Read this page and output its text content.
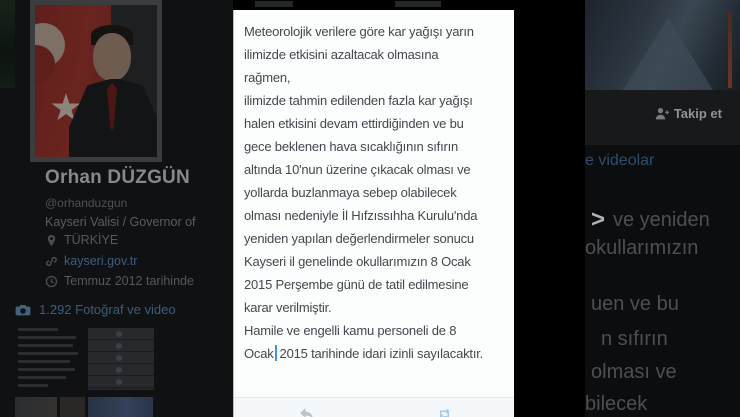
Orhan DÜZGÜN
@orhanduzgun
Kayseri Valisi / Governor of
TÜRKİYE
kayseri.gov.tr
Temmuz 2012 tarihinde
1.292 Fotoğraf ve video
Meteorolojik verilere göre kar yağışı yarın
ilimizde etkisini azaltacak olmasına
rağmen,
ilimizde tahmin edilenden fazla kar yağışı
halen etkisini devam ettirdiğinden ve bu
gece beklenen hava sıcaklığının sıfırın
altında 10'nun üzerine çıkacak olması ve
yollarda buzlanmaya sebep olabilecek
olması nedeniyle İl Hıfzıssıhha Kurulu'nda
yeniden yapılan değerlendirmeler sonucu
Kayseri il genelinde okullarımızın 8 Ocak
2015 Perşembe günü de tatil edilmesine
karar verilmiştir.
Hamile ve engelli kamu personeli de 8
Ocak 2015 tarihinde idari izinli sayılacaktır.
Takip et
e videolar
> ve yeniden
okullarımızın
uen ve bu
n sıfırın
olması ve
bilecek
